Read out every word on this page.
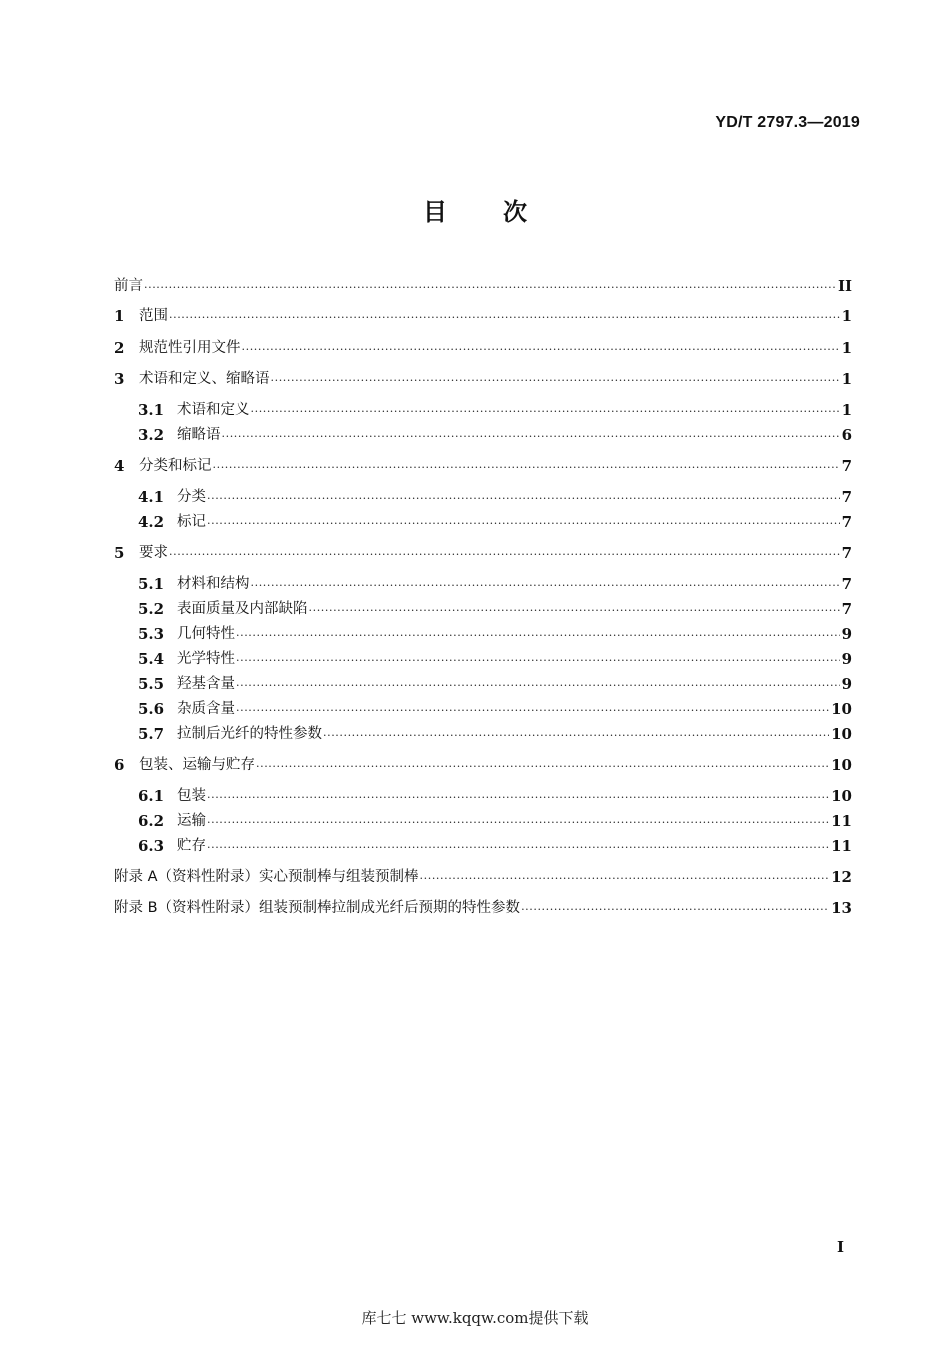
YD/T 2797.3—2019
目 次
前言 .....	II
1	范围 .....	1
2	规范性引用文件 .....	1
3	术语和定义、缩略语 .....	1
3.1 术语和定义 .....	1
3.2 缩略语 .....	6
4	分类和标记 .....	7
4.1 分类 .....	7
4.2 标记 .....	7
5	要求 .....	7
5.1 材料和结构 .....	7
5.2 表面质量及内部缺陷 .....	7
5.3 几何特性 .....	9
5.4 光学特性 .....	9
5.5 羟基含量 .....	9
5.6 杂质含量 .....	10
5.7 拉制后光纤的特性参数 .....	10
6	包装、运输与贮存 .....	10
6.1 包装 .....	10
6.2 运输 .....	11
6.3 贮存 .....	11
附录 A（资料性附录）实心预制棒与组装预制棒 .....	12
附录 B（资料性附录）组装预制棒拉制成光纤后预期的特性参数 .....	13
I
库七七 www.kqqw.com提供下载
